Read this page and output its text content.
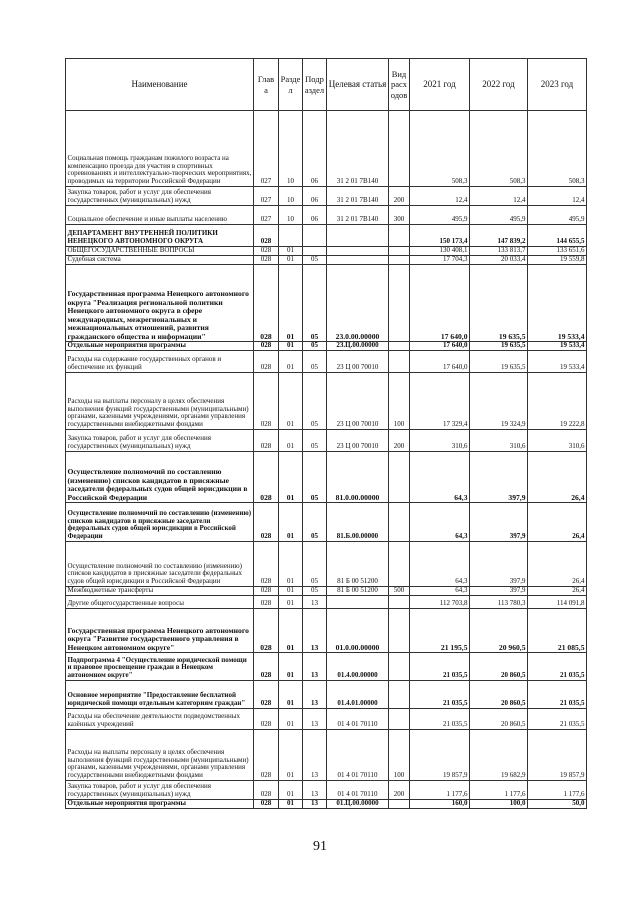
Наименование	Глав а	Разде л	Подр аздел	Целевая статья	Вид расх одов	2021 год	2022 год	2023 год
Социальная помощь гражданам пожилого возраста на компенсацию проезда для участия в спортивных соревнованиях и интеллектуально-творческих мероприятиях, проводимых на территории Российской Федерации	027	10	06	31 2 01 7В140		508,3	508,3	508,3
Закупка товаров, работ и услуг для обеспечения государственных (муниципальных) нужд	027	10	06	31 2 01 7В140	200	12,4	12,4	12,4
Социальное обеспечение и иные выплаты населению	027	10	06	31 2 01 7В140	300	495,9	495,9	495,9
ДЕПАРТАМЕНТ ВНУТРЕННЕЙ ПОЛИТИКИ НЕНЕЦКОГО АВТОНОМНОГО ОКРУГА	028					150 173,4	147 839,2	144 655,5
ОБЩЕГОСУДАРСТВЕННЫЕ ВОПРОСЫ	028	01				130 408,1	133 813,7	133 651,6
Судебная система	028	01	05			17 704,3	20 033,4	19 559,8
Государственная программа Ненецкого автономного округа "Реализация региональной политики Ненецкого автономного округа в сфере международных, межрегиональных и межнациональных отношений, развития гражданского общества и информации"	028	01	05	23.0.00.00000		17 640,0	19 635,5	19 533,4
Отдельные мероприятия программы	028	01	05	23.Ц.00.00000		17 640,0	19 635,5	19 533,4
Расходы на содержание государственных органов и обеспечение их функций	028	01	05	23 Ц 00 70010		17 640,0	19 635,5	19 533,4
Расходы на выплаты персоналу в целях обеспечения выполнения функций государственными (муниципальными) органами, казенными учреждениями, органами управления государственными внебюджетными фондами	028	01	05	23 Ц 00 70010	100	17 329,4	19 324,9	19 222,8
Закупка товаров, работ и услуг для обеспечения государственных (муниципальных) нужд	028	01	05	23 Ц 00 70010	200	310,6	310,6	310,6
Осуществление полномочий по составлению (изменению) списков кандидатов в присяжные заседатели федеральных судов общей юрисдикции в Российской Федерации	028	01	05	81.0.00.00000		64,3	397,9	26,4
Осуществление полномочий по составлению (изменению) списков кандидатов в присяжные заседатели федеральных судов общей юрисдикции в Российской Федерации	028	01	05	81.Б.00.00000		64,3	397,9	26,4
Осуществление полномочий по составлению (изменению) списков кандидатов в присяжные заседатели федеральных судов общей юрисдикции в Российской Федерации	028	01	05	81 Б 00 51200		64,3	397,9	26,4
Межбюджетные трансферты	028	01	05	81 Б 00 51200	500	64,3	397,9	26,4
Другие общегосударственные вопросы	028	01	13			112 703,8	113 780,3	114 091,8
Государственная программа Ненецкого автономного округа "Развитие государственного управления в Ненецком автономном округе"	028	01	13	01.0.00.00000		21 195,5	20 960,5	21 085,5
Подпрограмма 4 "Осуществление юридической помощи и правовое просвещение граждан в Ненецком автономном округе"	028	01	13	01.4.00.00000		21 035,5	20 860,5	21 035,5
Основное мероприятие "Предоставление бесплатной юридической помощи отдельным категориям граждан"	028	01	13	01.4.01.00000		21 035,5	20 860,5	21 035,5
Расходы на обеспечение деятельности подведомственных казённых учреждений	028	01	13	01 4 01 70110		21 035,5	20 860,5	21 035,5
Расходы на выплаты персоналу в целях обеспечения выполнения функций государственными (муниципальными) органами, казенными учреждениями, органами управления государственными внебюджетными фондами	028	01	13	01 4 01 70110	100	19 857,9	19 682,9	19 857,9
Закупка товаров, работ и услуг для обеспечения государственных (муниципальных) нужд	028	01	13	01 4 01 70110	200	1 177,6	1 177,6	1 177,6
Отдельные мероприятия программы	028	01	13	01.Ц.00.00000		160,0	100,0	50,0
91
